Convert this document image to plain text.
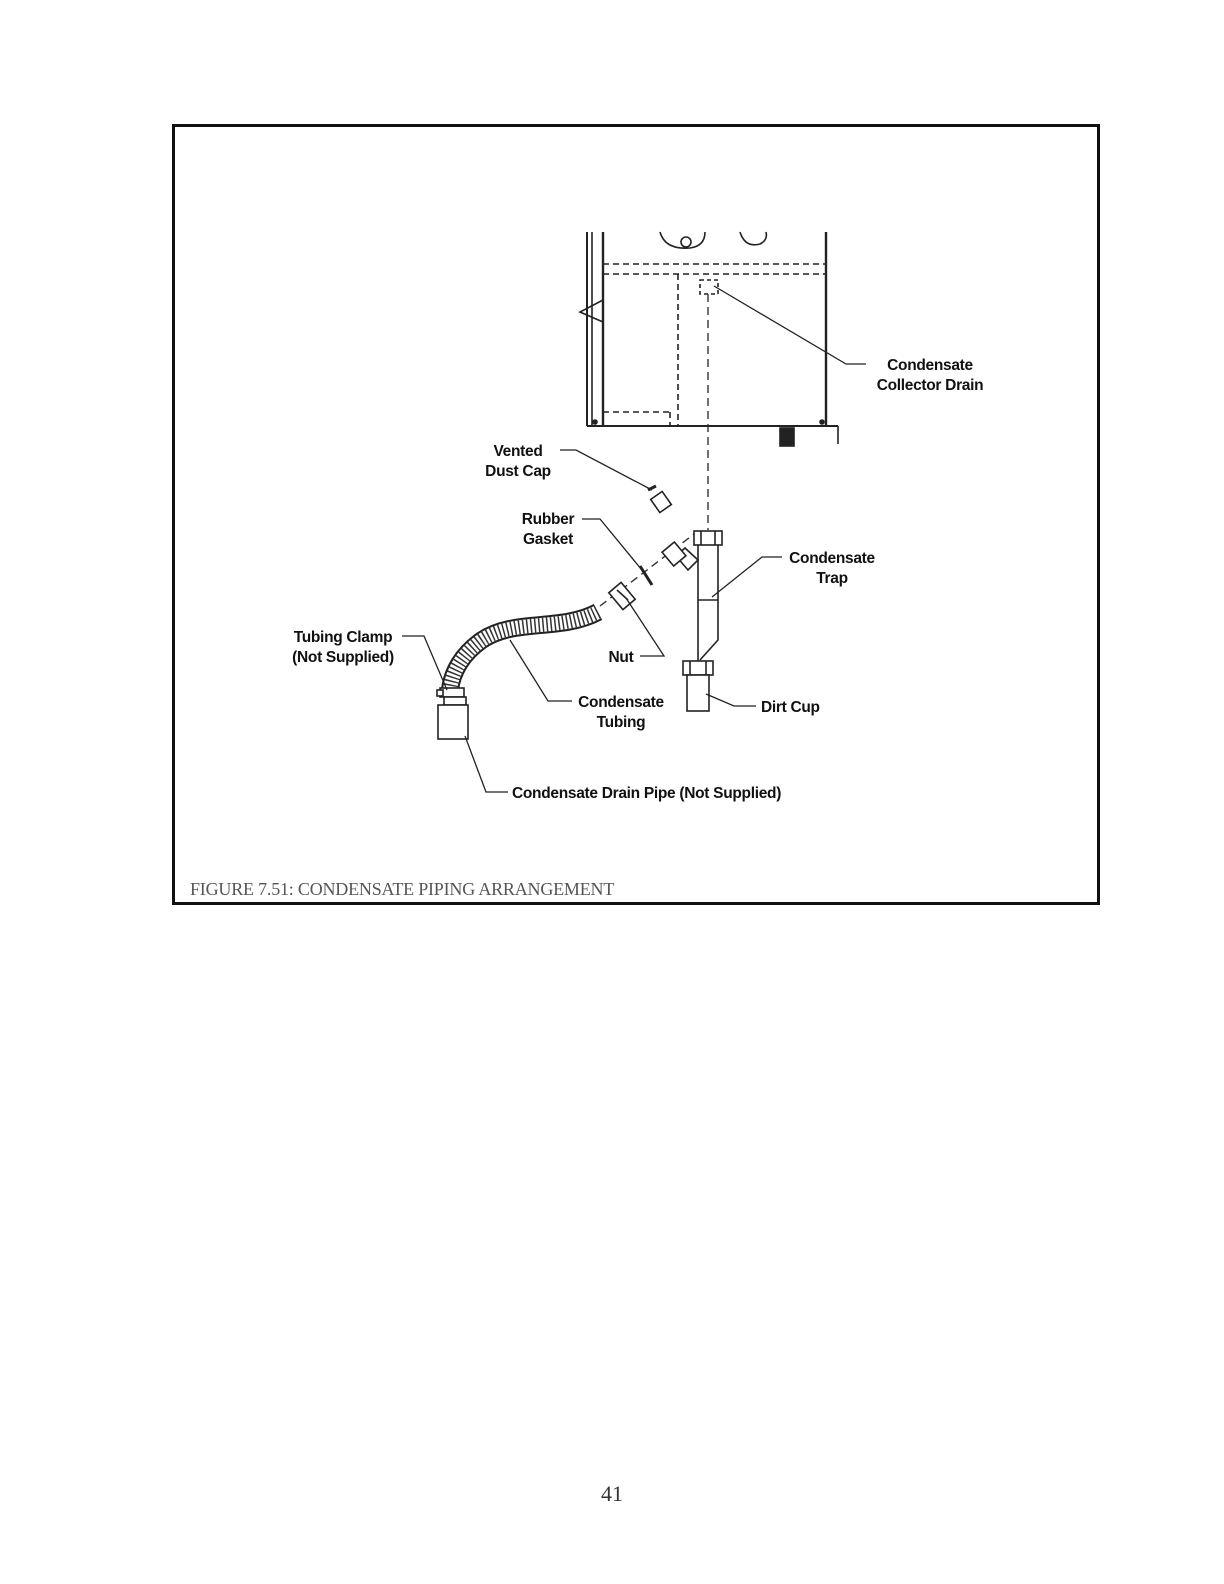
Condensate
Collector Drain
Vented
Dust Cap
Rubber
Gasket
Condensate
Trap
Tubing Clamp
(Not Supplied)	Nut
Condensate
Tubing
Dirt Cup
Condensate Drain Pipe (Not Supplied)
FIGURE 7.51: CONDENSATE PIPING ARRANGEMENT
41
